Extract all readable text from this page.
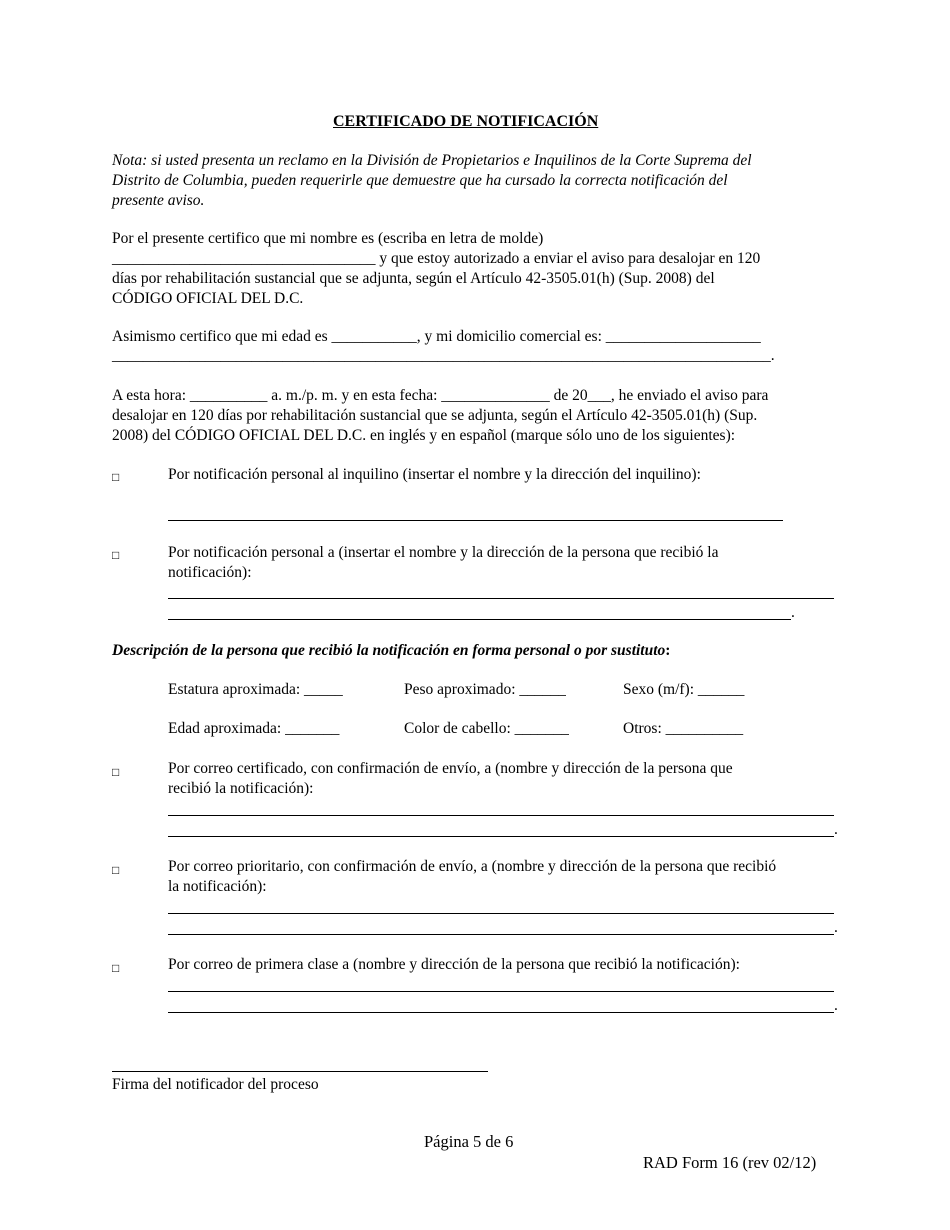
CERTIFICADO DE NOTIFICACIÓN
Nota: si usted presenta un reclamo en la División de Propietarios e Inquilinos de la Corte Suprema del
Distrito de Columbia, pueden requerirle que demuestre que ha cursado la correcta notificación del
presente aviso.
Por el presente certifico que mi nombre es (escriba en letra de molde)
__________________________________ y que estoy autorizado a enviar el aviso para desalojar en 120
días por rehabilitación sustancial que se adjunta, según el Artículo 42-3505.01(h) (Sup. 2008) del
CÓDIGO OFICIAL DEL D.C.
Asimismo certifico que mi edad es ___________, y mi domicilio comercial es: ____________________
_____________________________________________________________________________________.
A esta hora: __________ a. m./p. m. y en esta fecha: ______________ de 20___, he enviado el aviso para
desalojar en 120 días por rehabilitación sustancial que se adjunta, según el Artículo 42-3505.01(h) (Sup.
2008) del CÓDIGO OFICIAL DEL D.C. en inglés y en español (marque sólo uno de los siguientes):
□	Por notificación personal al inquilino (insertar el nombre y la dirección del inquilino):
□	Por notificación personal a (insertar el nombre y la dirección de la persona que recibió la
notificación):
.
Descripción de la persona que recibió la notificación en forma personal o por sustituto:
Estatura aproximada: _____	Peso aproximado: ______	Sexo (m/f): ______
Edad aproximada: _______	Color de cabello: _______	Otros: __________
□	Por correo certificado, con confirmación de envío, a (nombre y dirección de la persona que
recibió la notificación):
.
□	Por correo prioritario, con confirmación de envío, a (nombre y dirección de la persona que recibió
la notificación):
.
□	Por correo de primera clase a (nombre y dirección de la persona que recibió la notificación):
.
Firma del notificador del proceso
Página 5 de 6
RAD Form 16 (rev 02/12)
